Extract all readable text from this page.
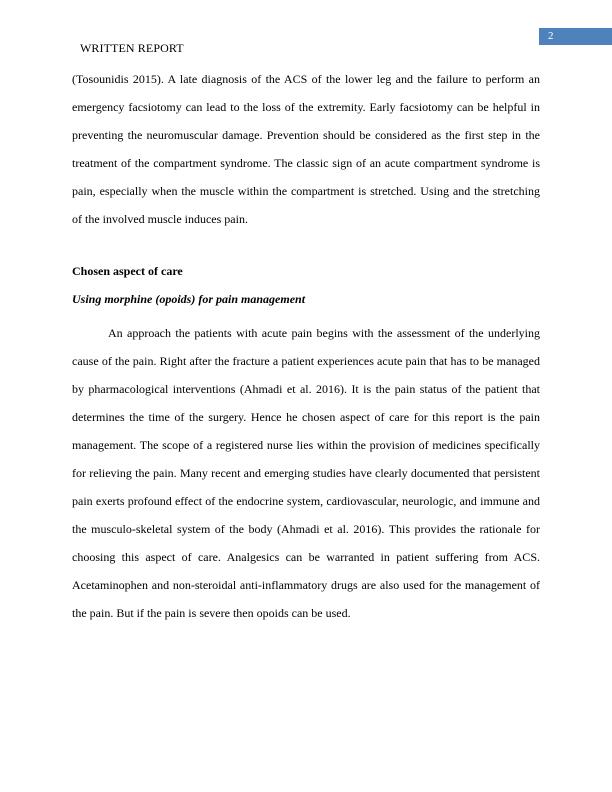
2
WRITTEN REPORT

(Tosounidis 2015). A late diagnosis of the ACS of the lower leg and the failure to perform an emergency facsiotomy can lead to the loss of the extremity. Early facsiotomy can be helpful in preventing the neuromuscular damage. Prevention should be considered as the first step in the treatment of the compartment syndrome. The classic sign of an acute compartment syndrome is pain, especially when the muscle within the compartment is stretched. Using and the stretching of the involved muscle induces pain.

Chosen aspect of care
Using morphine (opoids) for pain management

An approach the patients with acute pain begins with the assessment of the underlying cause of the pain. Right after the fracture a patient experiences acute pain that has to be managed by pharmacological interventions (Ahmadi et al. 2016). It is the pain status of the patient that determines the time of the surgery. Hence he chosen aspect of care for this report is the pain management. The scope of a registered nurse lies within the provision of medicines specifically for relieving the pain. Many recent and emerging studies have clearly documented that persistent pain exerts profound effect of the endocrine system, cardiovascular, neurologic, and immune and the musculo-skeletal system of the body (Ahmadi et al. 2016). This provides the rationale for choosing this aspect of care. Analgesics can be warranted in patient suffering from ACS. Acetaminophen and non-steroidal anti-inflammatory drugs are also used for the management of the pain. But if the pain is severe then opoids can be used.
